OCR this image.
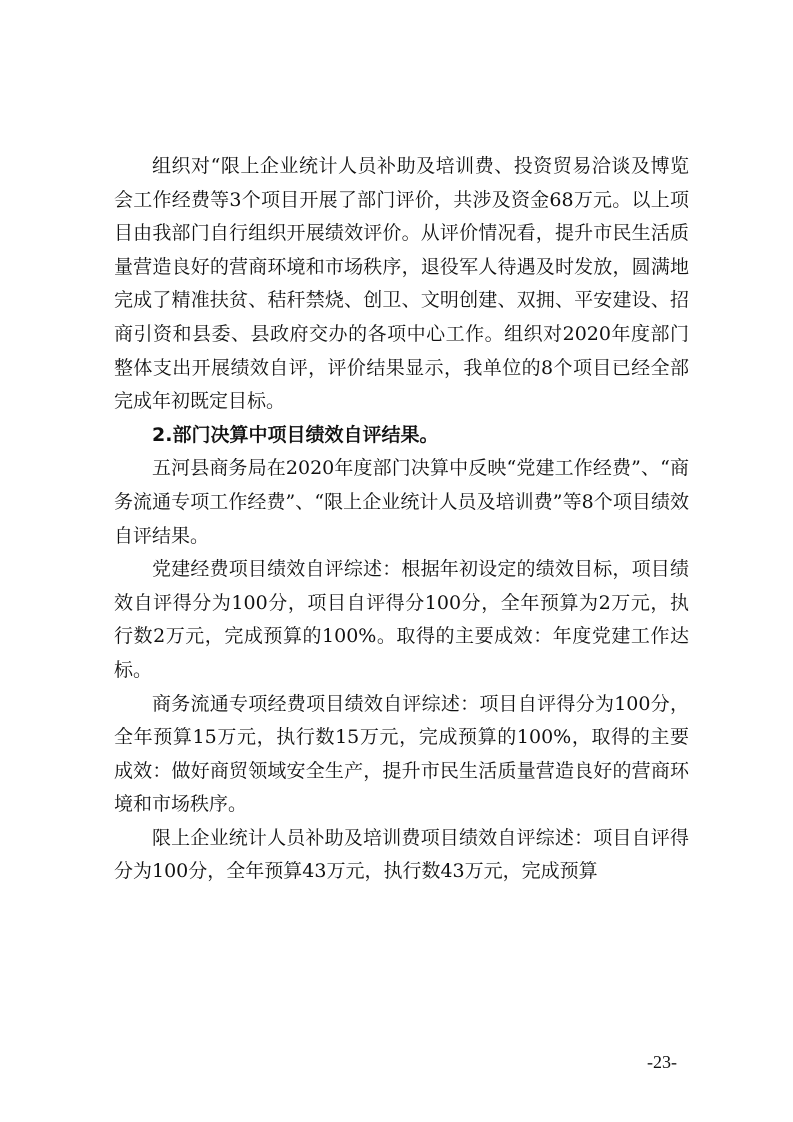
组织对“限上企业统计人员补助及培训费、投资贸易洽谈及博览会工作经费等3个项目开展了部门评价，共涉及资金68万元。以上项目由我部门自行组织开展绩效评价。从评价情况看，提升市民生活质量营造良好的营商环境和市场秩序，退役军人待遇及时发放，圆满地完成了精准扶贫、秸秆禁烧、创卫、文明创建、双拥、平安建设、招商引资和县委、县政府交办的各项中心工作。组织对2020年度部门整体支出开展绩效自评，评价结果显示，我单位的8个项目已经全部完成年初既定目标。

2.部门决算中项目绩效自评结果。

五河县商务局在2020年度部门决算中反映“党建工作经费”、“商务流通专项工作经费”、“限上企业统计人员及培训费”等8个项目绩效自评结果。

党建经费项目绩效自评综述：根据年初设定的绩效目标，项目绩效自评得分为100分，项目自评得分100分，全年预算为2万元，执行数2万元，完成预算的100%。取得的主要成效：年度党建工作达标。

商务流通专项经费项目绩效自评综述：项目自评得分为100分，全年预算15万元，执行数15万元，完成预算的100%，取得的主要成效：做好商贸领域安全生产，提升市民生活质量营造良好的营商环境和市场秩序。

限上企业统计人员补助及培训费项目绩效自评综述：项目自评得分为100分，全年预算43万元，执行数43万元，完成预算

-23-
